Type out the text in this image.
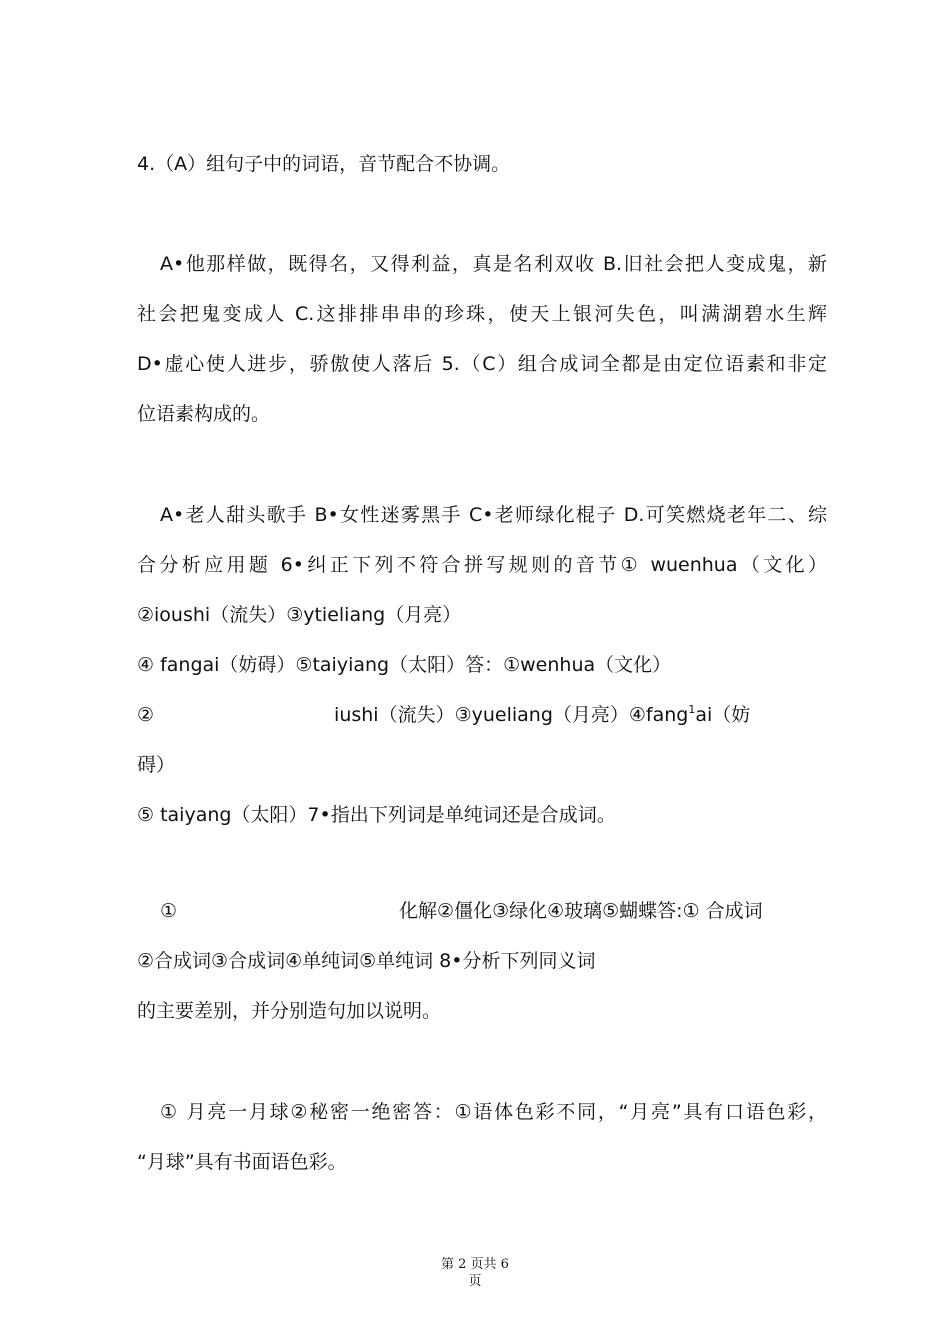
4.（A）组句子中的词语，音节配合不协调。
A•他那样做，既得名，又得利益，真是名利双收 B.旧社会把人变成鬼，新
社会把鬼变成人 C.这排排串串的珍珠，使天上银河失色，叫满湖碧水生辉
D•虚心使人进步，骄傲使人落后 5.（C）组合成词全都是由定位语素和非定
位语素构成的。
A•老人甜头歌手 B•女性迷雾黑手 C•老师绿化棍子 D.可笑燃烧老年二、综
合分析应用题 6•纠正下列不符合拼写规则的音节① wuenhua（文化）
②ioushi（流失）③ytieliang（月亮）
④ fangai（妨碍）⑤taiyiang（太阳）答：①wenhua（文化）
②	iushi（流失）③yueliang（月亮）④fang$^1$ai（妨
碍）
⑤ taiyang（太阳）7•指出下列词是单纯词还是合成词。
①	化解②僵化③绿化④玻璃⑤蝴蝶答:① 合成词
②合成词③合成词④单纯词⑤单纯词 8•分析下列同义词
的主要差别，并分别造句加以说明。
① 月亮一月球②秘密一绝密答：①语体色彩不同，“月亮”具有口语色彩，
“月球”具有书面语色彩。
第 2 页共 6
页
